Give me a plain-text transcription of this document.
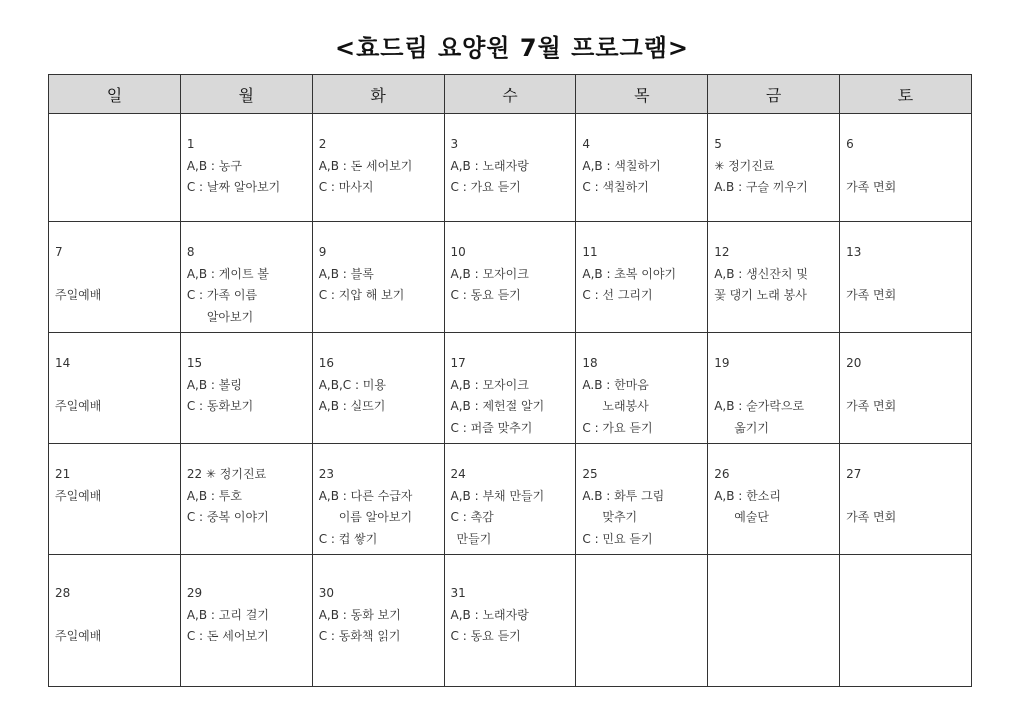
<효드림 요양원 7월 프로그램>
일	월	화	수	목	금	토

	1
A,B : 농구
C : 날짜 알아보기	2
A,B : 돈 세어보기
C : 마사지	3
A,B : 노래자랑
C : 가요 듣기	4
A,B : 색칠하기
C : 색칠하기	5
✳ 정기진료
A.B : 구슬 끼우기	6
가족 면회

7
주일예배	8
A,B : 게이트 볼
C : 가족 이름
알아보기	9
A,B : 블록
C : 지압 해 보기	10
A,B : 모자이크
C : 동요 듣기	11
A,B : 초복 이야기
C : 선 그리기	12
A,B : 생신잔치 및
꽃 댕기 노래 봉사	13
가족 면회

14
주일예배	15
A,B : 볼링
C : 동화보기	16
A,B,C : 미용
A,B : 실뜨기	17
A,B : 모자이크
A,B : 제헌절 알기
C : 퍼즐 맞추기	18
A.B : 한마음
노래봉사
C : 가요 듣기	19
A,B : 숟가락으로
옮기기	20
가족 면회

21
주일예배	22 ✳ 정기진료
A,B : 투호
C : 중복 이야기	23
A,B : 다른 수급자
이름 알아보기
C : 컵 쌓기	24
A,B : 부채 만들기
C : 촉감
만들기	25
A.B : 화투 그림
맞추기
C : 민요 듣기	26
A,B : 한소리
예술단	27
가족 면회

28
주일예배	29
A,B : 고리 걸기
C : 돈 세어보기	30
A,B : 동화 보기
C : 동화책 읽기	31
A,B : 노래자랑
C : 동요 듣기			
